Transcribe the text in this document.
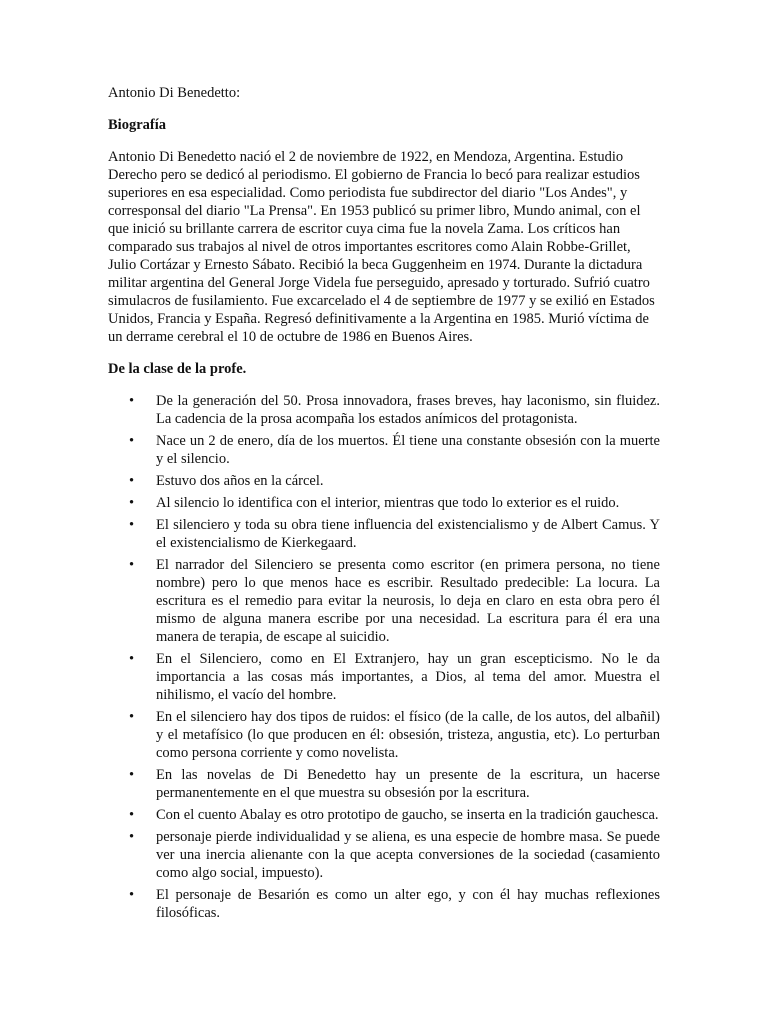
Antonio Di Benedetto:

Biografía

Antonio Di Benedetto nació el 2 de noviembre de 1922, en Mendoza, Argentina. Estudio Derecho pero se dedicó al periodismo. El gobierno de Francia lo becó para realizar estudios superiores en esa especialidad. Como periodista fue subdirector del diario "Los Andes", y corresponsal del diario "La Prensa". En 1953 publicó su primer libro, Mundo animal, con el que inició su brillante carrera de escritor cuya cima fue la novela Zama. Los críticos han comparado sus trabajos al nivel de otros importantes escritores como Alain Robbe-Grillet, Julio Cortázar y Ernesto Sábato. Recibió la beca Guggenheim en 1974. Durante la dictadura militar argentina del General Jorge Videla fue perseguido, apresado y torturado. Sufrió cuatro simulacros de fusilamiento. Fue excarcelado el 4 de septiembre de 1977 y se exilió en Estados Unidos, Francia y España. Regresó definitivamente a la Argentina en 1985. Murió víctima de un derrame cerebral el 10 de octubre de 1986 en Buenos Aires.

De la clase de la profe.

• De la generación del 50. Prosa innovadora, frases breves, hay laconismo, sin fluidez. La cadencia de la prosa acompaña los estados anímicos del protagonista.
• Nace un 2 de enero, día de los muertos. Él tiene una constante obsesión con la muerte y el silencio.
• Estuvo dos años en la cárcel.
• Al silencio lo identifica con el interior, mientras que todo lo exterior es el ruido.
• El silenciero y toda su obra tiene influencia del existencialismo y de Albert Camus. Y el existencialismo de Kierkegaard.
• El narrador del Silenciero se presenta como escritor (en primera persona, no tiene nombre) pero lo que menos hace es escribir. Resultado predecible: La locura. La escritura es el remedio para evitar la neurosis, lo deja en claro en esta obra pero él mismo de alguna manera escribe por una necesidad. La escritura para él era una manera de terapia, de escape al suicidio.
• En el Silenciero, como en El Extranjero, hay un gran escepticismo. No le da importancia a las cosas más importantes, a Dios, al tema del amor. Muestra el nihilismo, el vacío del hombre.
• En el silenciero hay dos tipos de ruidos: el físico (de la calle, de los autos, del albañil) y el metafísico (lo que producen en él: obsesión, tristeza, angustia, etc). Lo perturban como persona corriente y como novelista.
• En las novelas de Di Benedetto hay un presente de la escritura, un hacerse permanentemente en el que muestra su obsesión por la escritura.
• Con el cuento Abalay es otro prototipo de gaucho, se inserta en la tradición gauchesca.
• personaje pierde individualidad y se aliena, es una especie de hombre masa. Se puede ver una inercia alienante con la que acepta conversiones de la sociedad (casamiento como algo social, impuesto).
• El personaje de Besarión es como un alter ego, y con él hay muchas reflexiones filosóficas.
